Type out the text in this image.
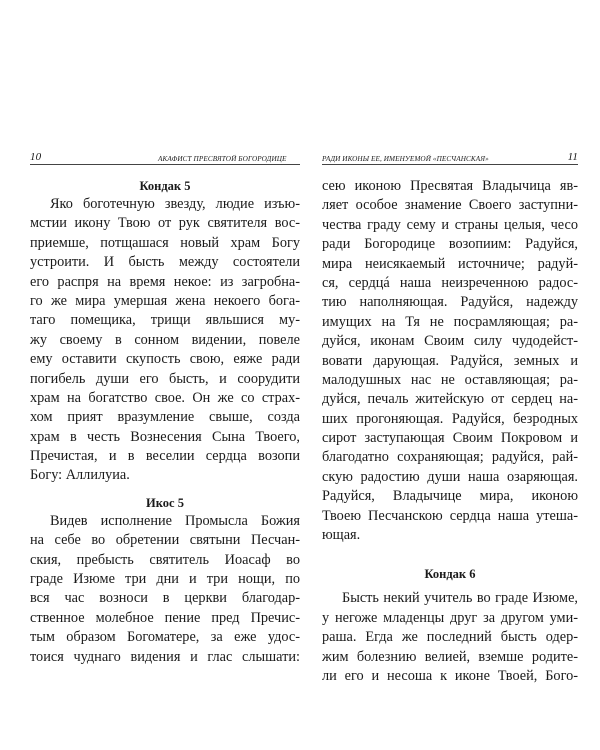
10	АКАФИСТ ПРЕСВЯТОЙ БОГОРОДИЦЕ
Кондак 5
Яко боготечную звезду, людие изъю-
мстии икону Твою от рук святителя вос-
приемше, потщашася новый храм Богу
устроити. И бысть между состоятели
его распря на время некое: из загробна-
го же мира умершая жена некоего богa-
таго помещика, трищи явльшися му-
жу своему в сонном видении, повеле
ему оставити скупость свою, еяже ради
погибель души его бысть, и соорудити
храм на богатство свое. Он же со страх-
хом прият вразумление свыше, созда
храм в честь Вознесения Сына Твоего,
Пречистая, и в веселии сердца возопи
Богу: Аллилуиа.
Икос 5
Видев исполнение Промысла Божия
на себе во обретении святыни Песчан-
ския, пребысть святитель Иоасаф во
граде Изюме три дни и три нощи, по
вся час возноси в церкви благодар-
ственное молебное пение пред Пречис-
тым образом Богоматере, за еже удос-
тоися чуднаго видения и глас слышати:
РАДИ ИКОНЫ ЕЕ, ИМЕНУЕМОЙ «ПЕСЧАНСКАЯ»	11
сею иконою Пресвятая Владычица яв-
ляет особое знамение Своего заступни-
чества граду сему и страны целыя, чесо
ради Богородице возопиим: Радуйся,
мира неисякаемый источниче; радуй-
ся, сердцá наша неизреченною радос-
тию наполняющая. Радуйся, надежду
имущих на Тя не посрамляющая; ра-
дуйся, иконам Своим силу чудодейст-
вовати дарующая. Радуйся, земных и
малодушных нас не оставляющая; ра-
дуйся, печаль житейскую от сердец на-
ших прогоняющая. Радуйся, безродных
сирот заступающая Своим Покровом и
благодатно сохраняющая; радуйся, рай-
скую радостию души наша озаряющая.
Радуйся, Владычице мира, иконою
Твоею Песчанскою сердца наша утеша-
ющая.
Кондак 6
Бысть некий учитель во граде Изюме,
у негоже младенцы друг за другом уми-
раша. Егда же последний бысть одер-
жим болезнию велией, вземше родите-
ли его и несоша к иконе Твоей, Бого-
